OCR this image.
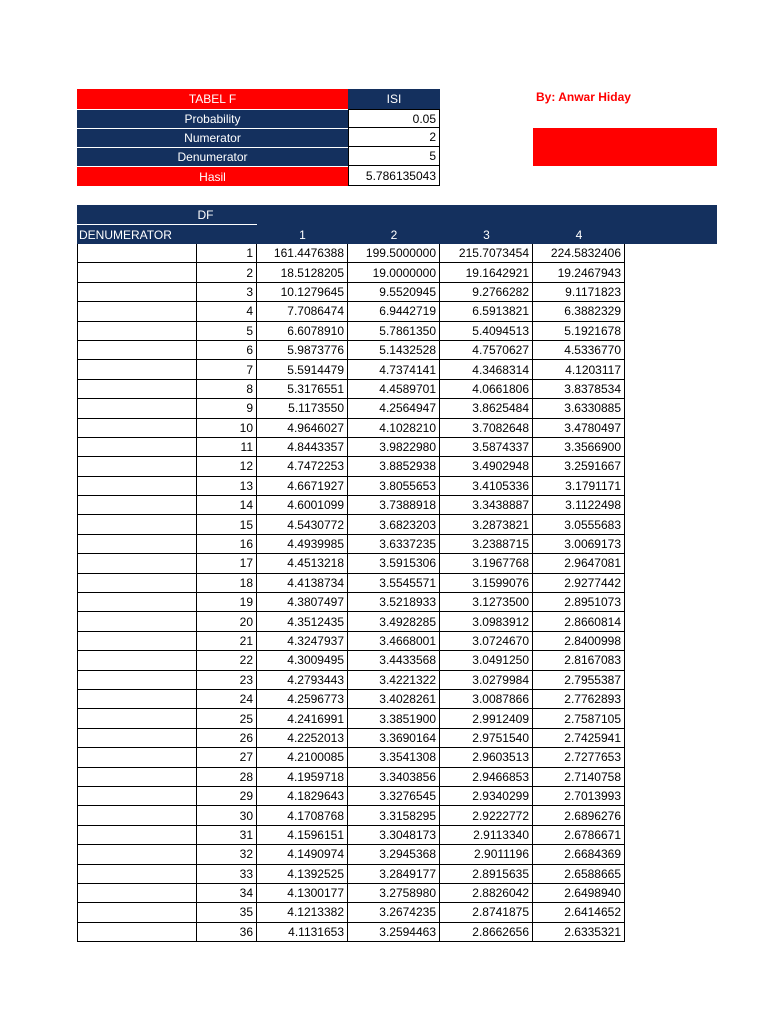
TABEL F	ISI
Probability	0.05
Numerator	2
Denumerator	5
Hasil	5.786135043
By: Anwar Hiday
DF
DENUMERATOR	1	2	3	4
1	161.4476388	199.5000000	215.7073454	224.5832406
2	18.5128205	19.0000000	19.1642921	19.2467943
3	10.1279645	9.5520945	9.2766282	9.1171823
4	7.7086474	6.9442719	6.5913821	6.3882329
5	6.6078910	5.7861350	5.4094513	5.1921678
6	5.9873776	5.1432528	4.7570627	4.5336770
7	5.5914479	4.7374141	4.3468314	4.1203117
8	5.3176551	4.4589701	4.0661806	3.8378534
9	5.1173550	4.2564947	3.8625484	3.6330885
10	4.9646027	4.1028210	3.7082648	3.4780497
11	4.8443357	3.9822980	3.5874337	3.3566900
12	4.7472253	3.8852938	3.4902948	3.2591667
13	4.6671927	3.8055653	3.4105336	3.1791171
14	4.6001099	3.7388918	3.3438887	3.1122498
15	4.5430772	3.6823203	3.2873821	3.0555683
16	4.4939985	3.6337235	3.2388715	3.0069173
17	4.4513218	3.5915306	3.1967768	2.9647081
18	4.4138734	3.5545571	3.1599076	2.9277442
19	4.3807497	3.5218933	3.1273500	2.8951073
20	4.3512435	3.4928285	3.0983912	2.8660814
21	4.3247937	3.4668001	3.0724670	2.8400998
22	4.3009495	3.4433568	3.0491250	2.8167083
23	4.2793443	3.4221322	3.0279984	2.7955387
24	4.2596773	3.4028261	3.0087866	2.7762893
25	4.2416991	3.3851900	2.9912409	2.7587105
26	4.2252013	3.3690164	2.9751540	2.7425941
27	4.2100085	3.3541308	2.9603513	2.7277653
28	4.1959718	3.3403856	2.9466853	2.7140758
29	4.1829643	3.3276545	2.9340299	2.7013993
30	4.1708768	3.3158295	2.9222772	2.6896276
31	4.1596151	3.3048173	2.9113340	2.6786671
32	4.1490974	3.2945368	2.9011196	2.6684369
33	4.1392525	3.2849177	2.8915635	2.6588665
34	4.1300177	3.2758980	2.8826042	2.6498940
35	4.1213382	3.2674235	2.8741875	2.6414652
36	4.1131653	3.2594463	2.8662656	2.6335321
